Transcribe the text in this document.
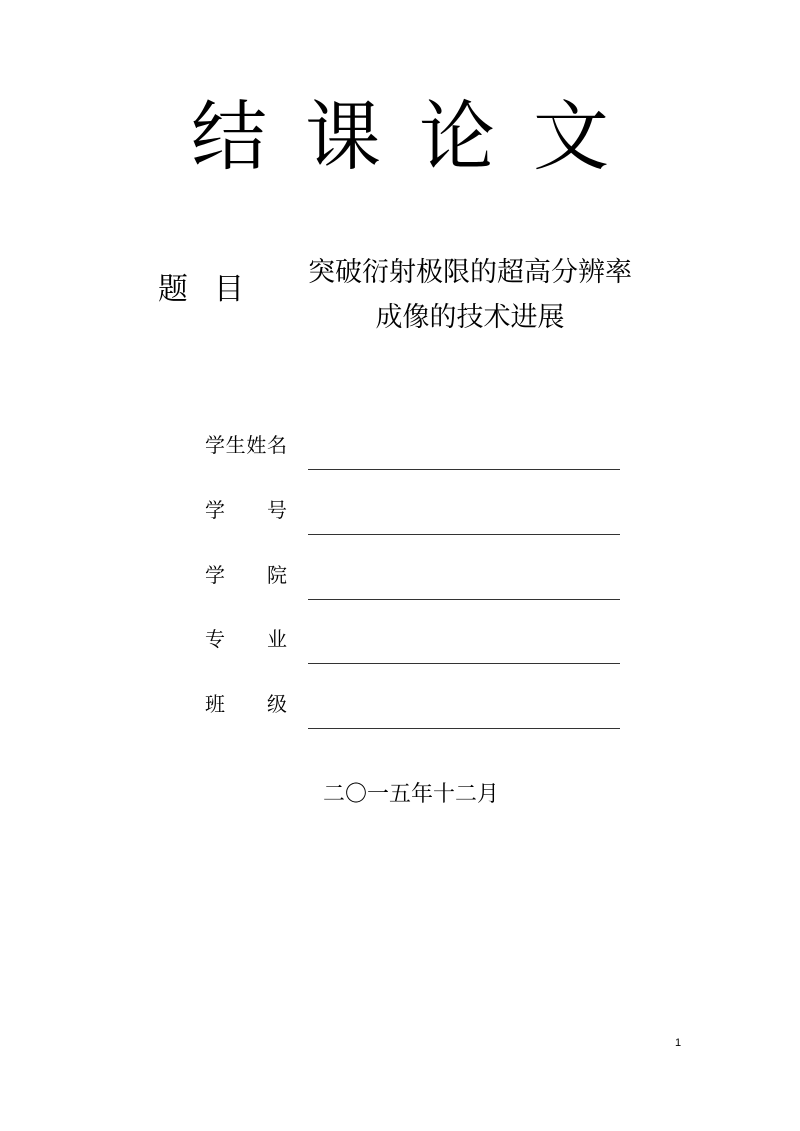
结课论文
题目	突破衍射极限的超高分辨率
成像的技术进展
学生姓名
学号
学院
专业
班级
二〇一五年十二月
1
